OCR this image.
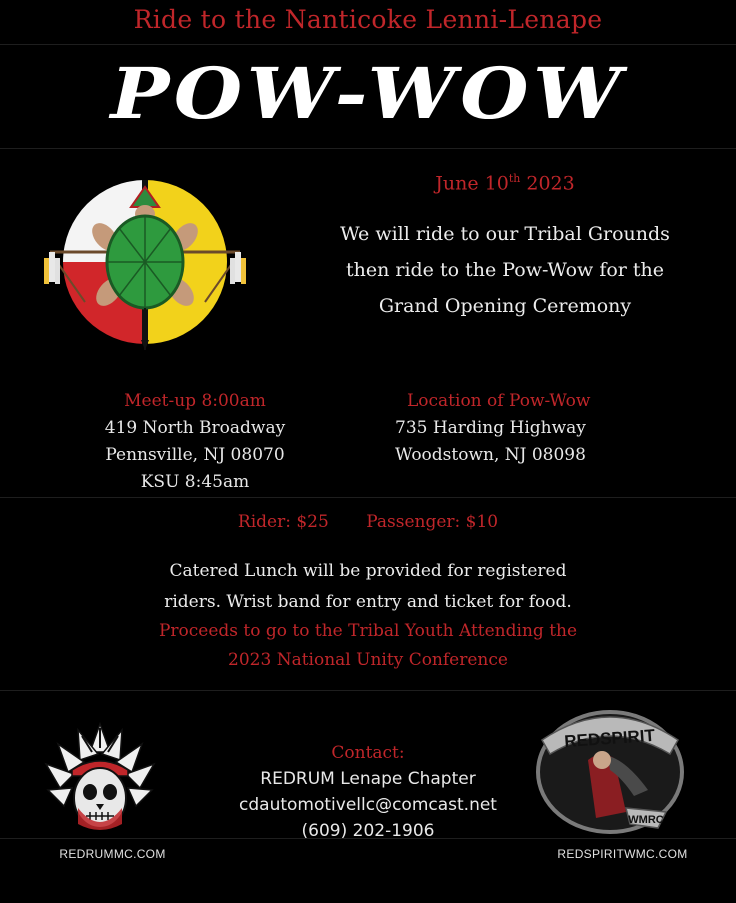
Ride to the Nanticoke Lenni-Lenape
POW-WOW
June 10th 2023
We will ride to our Tribal Grounds
then ride to the Pow-Wow for the
Grand Opening Ceremony
Meet-up 8:00am
419 North Broadway
Pennsville, NJ 08070
KSU 8:45am
Location of Pow-Wow
735 Harding Highway
Woodstown, NJ 08098
Rider: $25 Passenger: $10
Catered Lunch will be provided for registered
riders. Wrist band for entry and ticket for food.
Proceeds to go to the Tribal Youth Attending the
2023 National Unity Conference
Contact:
REDRUM Lenape Chapter
cdautomotivellc@comcast.net
(609) 202-1906
REDSPIRIT
WMRC
REDRUMMC.COM	REDSPIRITWMC.COM
